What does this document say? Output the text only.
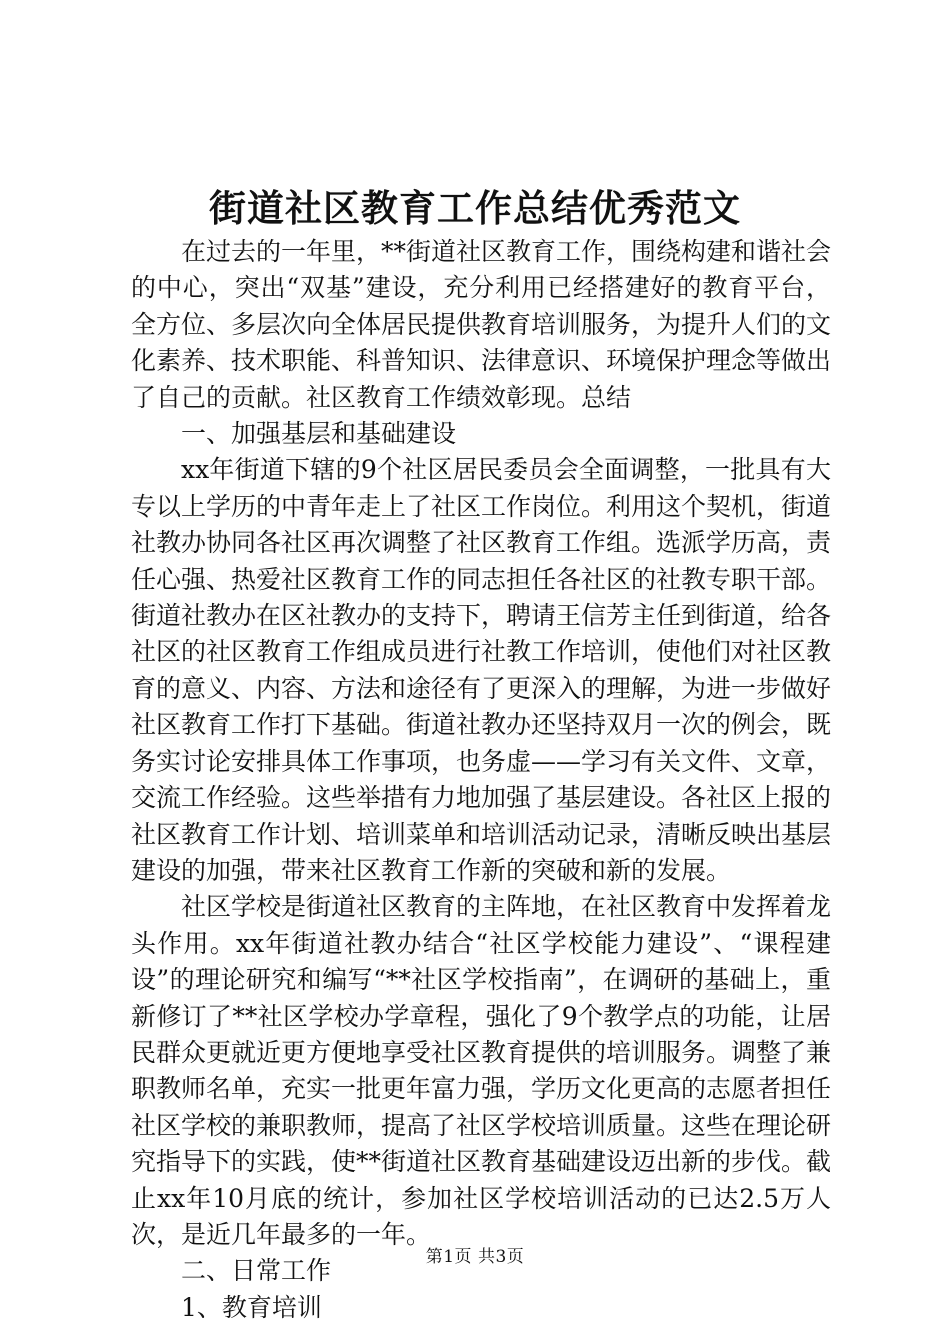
街道社区教育工作总结优秀范文

在过去的一年里，**街道社区教育工作，围绕构建和谐社会的中心，突出“双基”建设，充分利用已经搭建好的教育平台，全方位、多层次向全体居民提供教育培训服务，为提升人们的文化素养、技术职能、科普知识、法律意识、环境保护理念等做出了自己的贡献。社区教育工作绩效彰现。总结

一、加强基层和基础建设

xx年街道下辖的9个社区居民委员会全面调整，一批具有大专以上学历的中青年走上了社区工作岗位。利用这个契机，街道社教办协同各社区再次调整了社区教育工作组。选派学历高，责任心强、热爱社区教育工作的同志担任各社区的社教专职干部。街道社教办在区社教办的支持下，聘请王信芳主任到街道，给各社区的社区教育工作组成员进行社教工作培训，使他们对社区教育的意义、内容、方法和途径有了更深入的理解，为进一步做好社区教育工作打下基础。街道社教办还坚持双月一次的例会，既务实讨论安排具体工作事项，也务虚——学习有关文件、文章，交流工作经验。这些举措有力地加强了基层建设。各社区上报的社区教育工作计划、培训菜单和培训活动记录，清晰反映出基层建设的加强，带来社区教育工作新的突破和新的发展。

社区学校是街道社区教育的主阵地，在社区教育中发挥着龙头作用。xx年街道社教办结合“社区学校能力建设”、“课程建设”的理论研究和编写“**社区学校指南”，在调研的基础上，重新修订了**社区学校办学章程，强化了9个教学点的功能，让居民群众更就近更方便地享受社区教育提供的培训服务。调整了兼职教师名单，充实一批更年富力强，学历文化更高的志愿者担任社区学校的兼职教师，提高了社区学校培训质量。这些在理论研究指导下的实践，使**街道社区教育基础建设迈出新的步伐。截止xx年10月底的统计，参加社区学校培训活动的已达2.5万人次，是近几年最多的一年。

二、日常工作

1、教育培训

第1页 共3页
